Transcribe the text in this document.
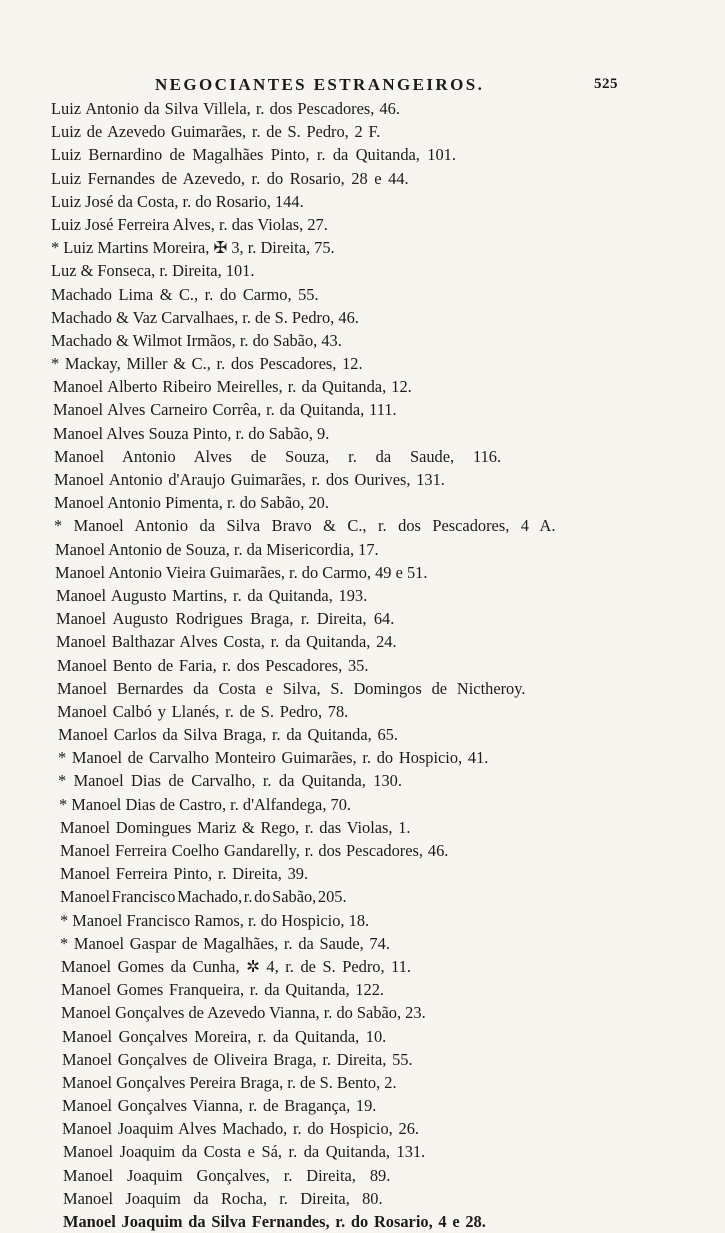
NEGOCIANTES ESTRANGEIROS.	525
Luiz Antonio da Silva Villela, r. dos Pescadores, 46.
Luiz de Azevedo Guimarães, r. de S. Pedro, 2 F.
Luiz Bernardino de Magalhães Pinto, r. da Quitanda, 101.
Luiz Fernandes de Azevedo, r. do Rosario, 28 e 44.
Luiz José da Costa, r. do Rosario, 144.
Luiz José Ferreira Alves, r. das Violas, 27.
* Luiz Martins Moreira, ✠ 3, r. Direita, 75.
Luz & Fonseca, r. Direita, 101.
Machado Lima & C., r. do Carmo, 55.
Machado & Vaz Carvalhaes, r. de S. Pedro, 46.
Machado & Wilmot Irmãos, r. do Sabão, 43.
* Mackay, Miller & C., r. dos Pescadores, 12.
Manoel Alberto Ribeiro Meirelles, r. da Quitanda, 12.
Manoel Alves Carneiro Corrêa, r. da Quitanda, 111.
Manoel Alves Souza Pinto, r. do Sabão, 9.
Manoel Antonio Alves de Souza, r. da Saude, 116.
Manoel Antonio d'Araujo Guimarães, r. dos Ourives, 131.
Manoel Antonio Pimenta, r. do Sabão, 20.
* Manoel Antonio da Silva Bravo & C., r. dos Pescadores, 4 A.
Manoel Antonio de Souza, r. da Misericordia, 17.
Manoel Antonio Vieira Guimarães, r. do Carmo, 49 e 51.
Manoel Augusto Martins, r. da Quitanda, 193.
Manoel Augusto Rodrigues Braga, r. Direita, 64.
Manoel Balthazar Alves Costa, r. da Quitanda, 24.
Manoel Bento de Faria, r. dos Pescadores, 35.
Manoel Bernardes da Costa e Silva, S. Domingos de Nictheroy.
Manoel Calbó y Llanés, r. de S. Pedro, 78.
Manoel Carlos da Silva Braga, r. da Quitanda, 65.
* Manoel de Carvalho Monteiro Guimarães, r. do Hospicio, 41.
* Manoel Dias de Carvalho, r. da Quitanda, 130.
* Manoel Dias de Castro, r. d'Alfandega, 70.
Manoel Domingues Mariz & Rego, r. das Violas, 1.
Manoel Ferreira Coelho Gandarelly, r. dos Pescadores, 46.
Manoel Ferreira Pinto, r. Direita, 39.
Manoel Francisco Machado, r. do Sabão, 205.
* Manoel Francisco Ramos, r. do Hospicio, 18.
* Manoel Gaspar de Magalhães, r. da Saude, 74.
Manoel Gomes da Cunha, ✲ 4, r. de S. Pedro, 11.
Manoel Gomes Franqueira, r. da Quitanda, 122.
Manoel Gonçalves de Azevedo Vianna, r. do Sabão, 23.
Manoel Gonçalves Moreira, r. da Quitanda, 10.
Manoel Gonçalves de Oliveira Braga, r. Direita, 55.
Manoel Gonçalves Pereira Braga, r. de S. Bento, 2.
Manoel Gonçalves Vianna, r. de Bragança, 19.
Manoel Joaquim Alves Machado, r. do Hospicio, 26.
Manoel Joaquim da Costa e Sá, r. da Quitanda, 131.
Manoel Joaquim Gonçalves, r. Direita, 89.
Manoel Joaquim da Rocha, r. Direita, 80.
Manoel Joaquim da Silva Fernandes, r. do Rosario, 4 e 28.
